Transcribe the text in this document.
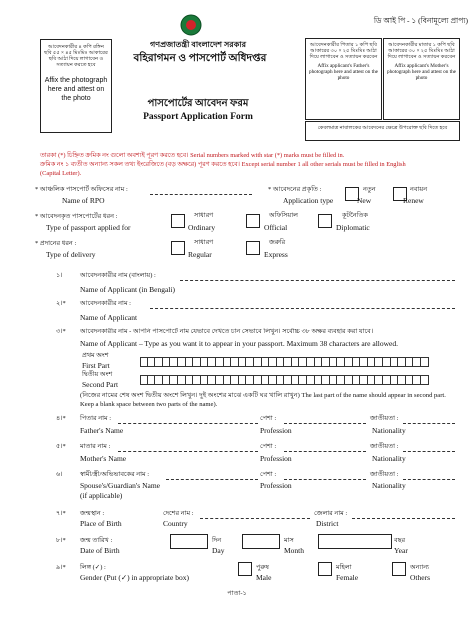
ডি আই পি - ১ (বিনামূল্যে প্রাপ্য)
আবেদনকারীর ৪ কপি রঙ্গিন ছবি ৫৫ × ৪৫ মিঃমিঃ আকারের ছবি আঠা দিয়ে লাগাবেন ও সত্যায়ন করতে হবে
Affix the photograph here and attest on the photo
গণপ্রজাতন্ত্রী বাংলাদেশ সরকার
বহিরাগমন ও পাসপোর্ট অধিদপ্তর
পাসপোর্টের আবেদন ফরম
Passport Application Form
আবেদনকারীর পিতার ১ কপি ছবি আকারের ৩০ × ২৫ মিঃমিঃ আঠা দিয়ে লাগাবেন ও সত্যায়ন করবেন
Affix applicant's Father's photograph here and attest on the photo
আবেদনকারীর মাতার ১ কপি ছবি আকারের ৩০ × ২৫ মিঃমিঃ আঠা দিয়ে লাগাবেন ও সত্যায়ন করবেন
Affix applicant's Mother's photograph here and attest on the photo
কেবলমাত্র নাবালকের আবেদনের ক্ষেত্রে উপরোক্ত ছবি দিতে হবে
তারকা (*) চিহ্নিত ক্রমিক নং গুলো অবশ্যই পূরণ করতে হবে। Serial numbers marked with star (*) marks must be filled in.
ক্রমিক নং ১ ব্যতীত অন্যান্য সকল তথ্য ইংরেজিতে (বড় অক্ষরে) পূরণ করতে হবে। Except serial number 1 all other serials must be filled in English
(Capital Letter).
* আঞ্চলিক পাসপোর্ট অফিসের নাম :
Name of RPO
* আবেদনের প্রকৃতি :
Application type
নতুন
New
নবায়ন
Renew
* আবেদনকৃত পাসপোর্টের ধরন :
Type of passport applied for
সাধারণ
Ordinary
অফিসিয়াল
Official
কূটনৈতিক
Diplomatic
* প্রদানের ধরন :
Type of delivery
সাধারণ
Regular
জরুরি
Express
১।	আবেদনকারীর নাম (বাংলায়) :
Name of Applicant (in Bengali)
২।* আবেদনকারীর নাম :
Name of Applicant
৩।* আবেদনকারীর নাম - আপনি পাসপোর্টে নাম যেভাবে দেখতে চান সেভাবে লিখুন। সর্বোচ্চ ৩৮ অক্ষর ব্যবহার করা যাবে।
Name of Applicant – Type as you want it to appear in your passport. Maximum 38 characters are allowed.
প্রথম অংশ
First Part
দ্বিতীয় অংশ
Second Part
(নিজের নামের শেষ অংশ দ্বিতীয় অংশে লিখুন। দুই অংশের মাঝে একটি ঘর খালি রাখুন) The last part of the name should appear in second part. Keep a blank space between two parts of the name).
৪।* পিতার নাম :
Father's Name
পেশা :
Profession
জাতীয়তা :
Nationality
৫।* মাতার নাম :
Mother's Name
পেশা :
Profession
জাতীয়তা :
Nationality
৬।	স্বামী/স্ত্রী/অভিভাবকের নাম :
Spouse's/Guardian's Name
(if applicable)
পেশা :
Profession
জাতীয়তা :
Nationality
৭।* জন্মস্থান :
Place of Birth
দেশের নাম :
Country
জেলার নাম :
District
৮।* জন্ম তারিখ :
Date of Birth
দিন
Day
মাস
Month
বছর
Year
৯।* লিঙ্গ (✓) :
Gender (Put (✓) in appropriate box)
পুরুষ
Male
মহিলা
Female
অন্যান্য
Others
পাতা-১
